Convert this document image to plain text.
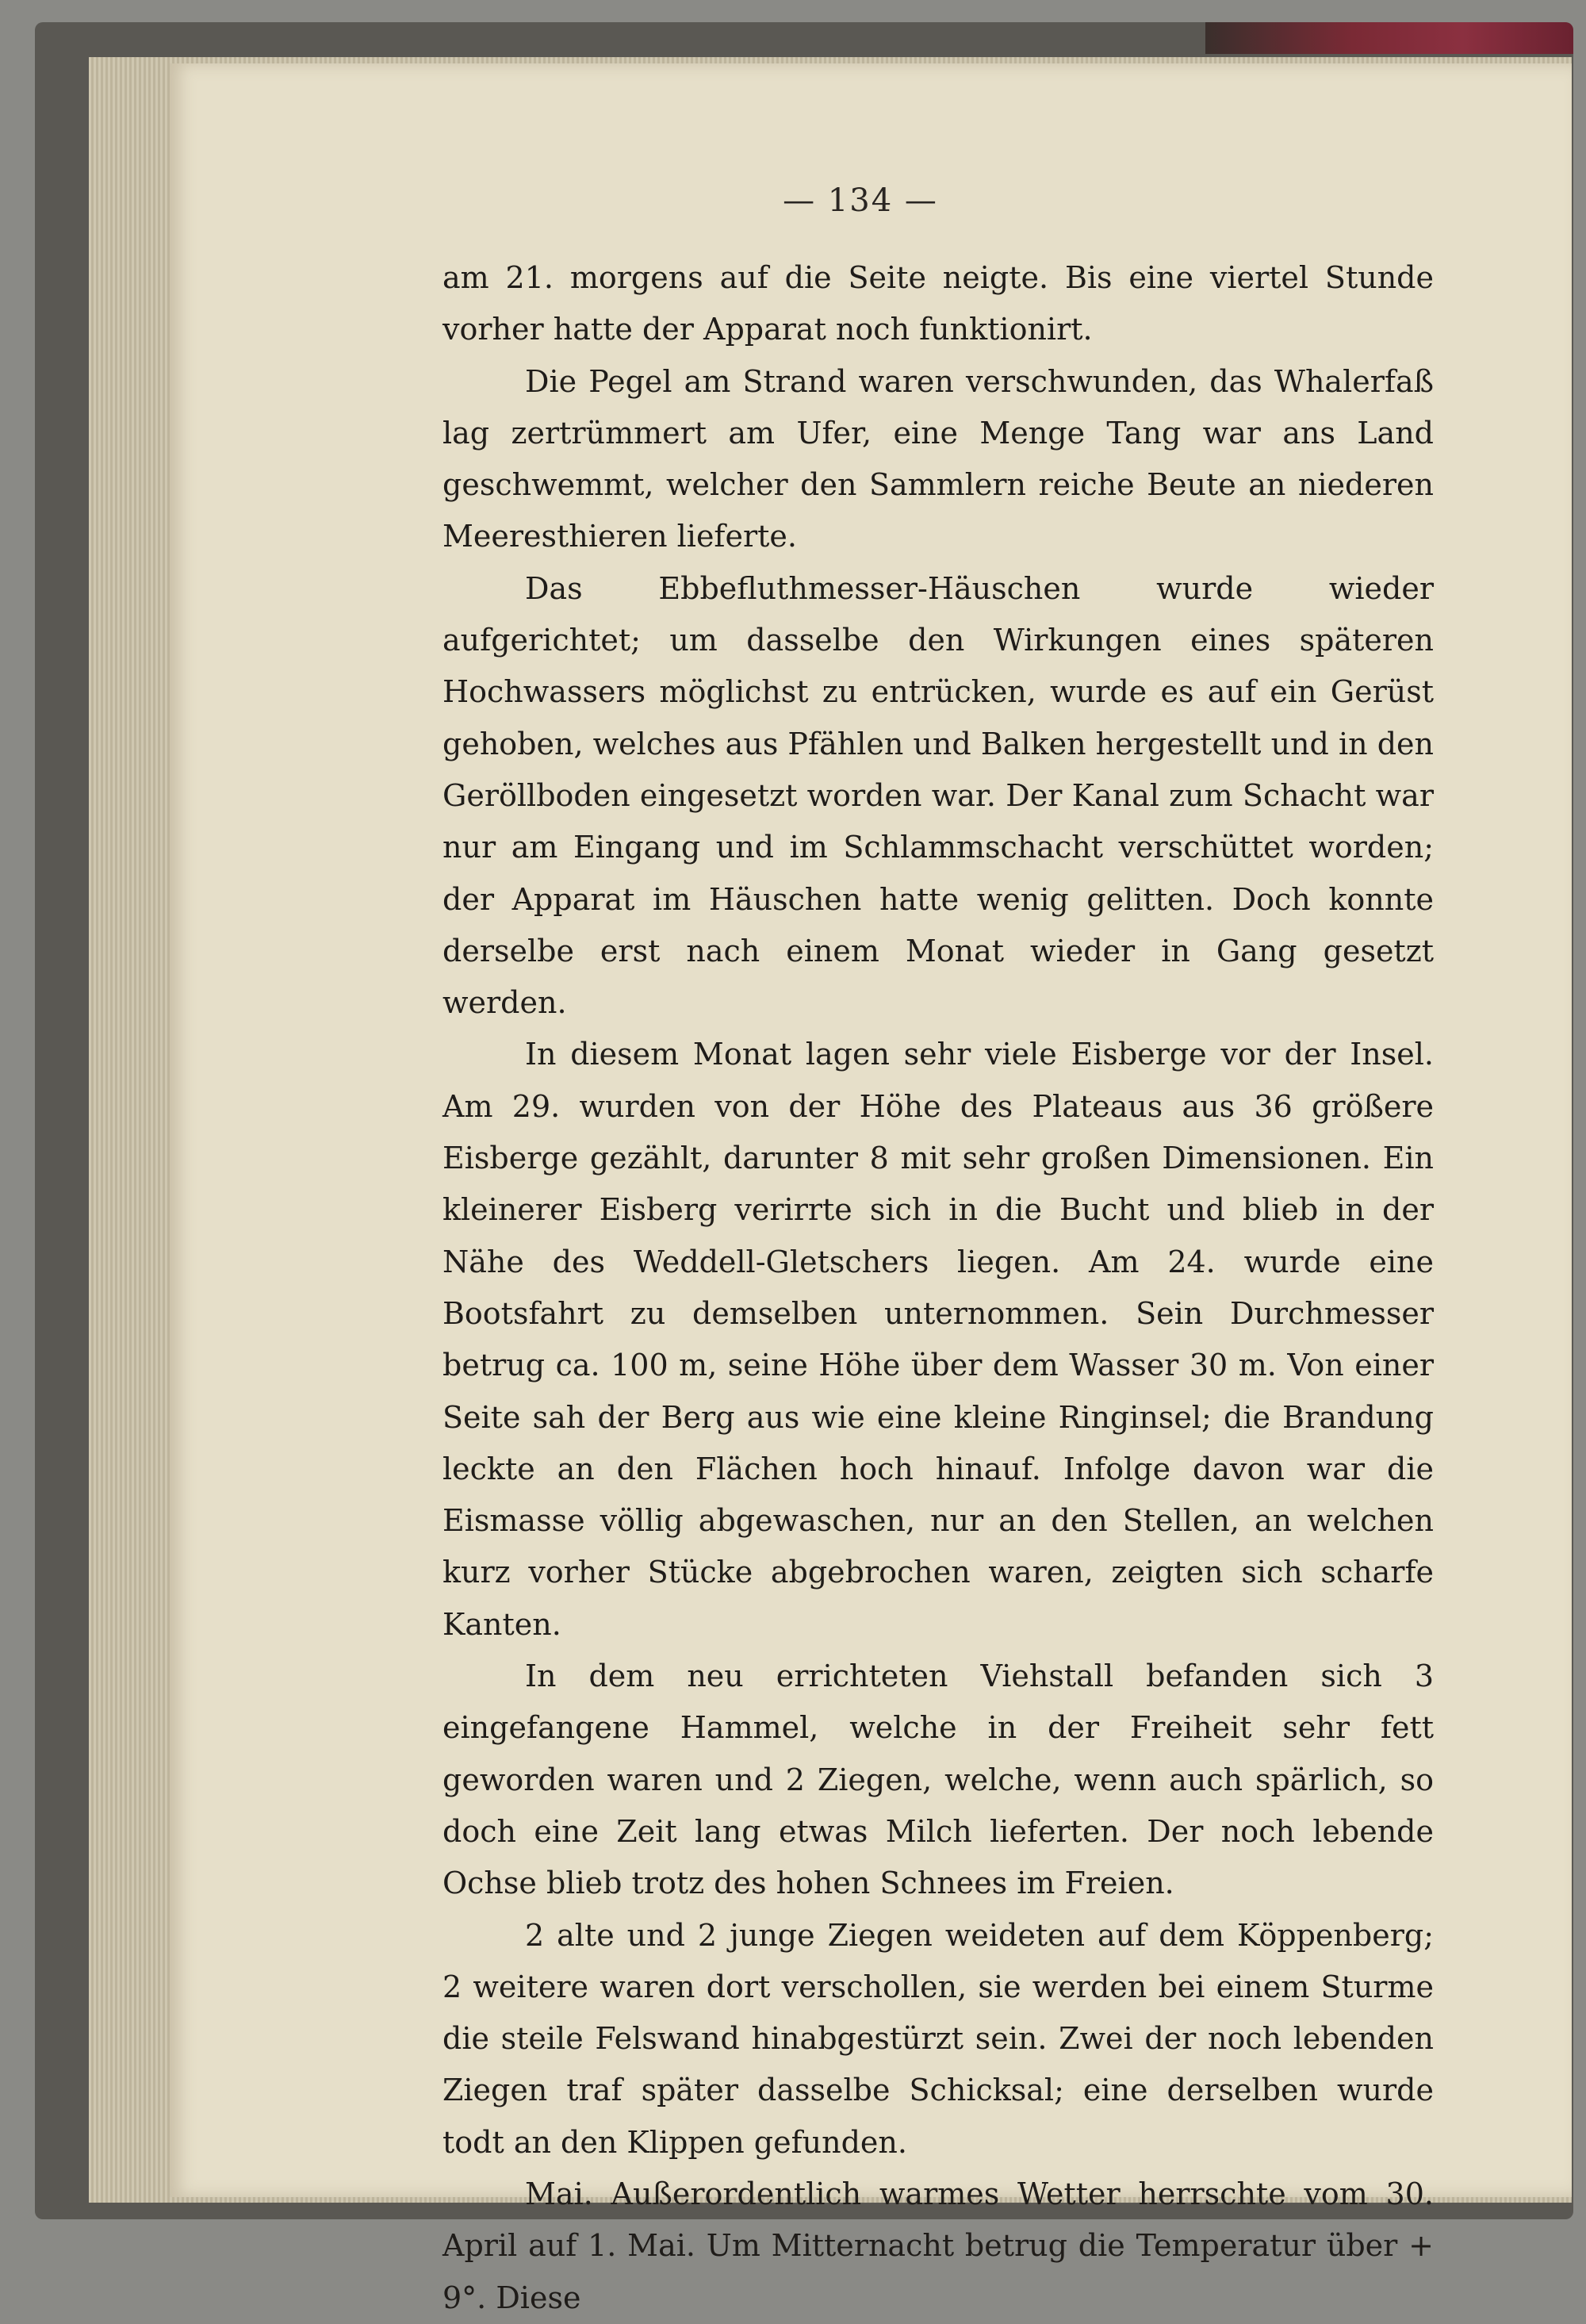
— 134 —

am 21. morgens auf die Seite neigte. Bis eine viertel Stunde vorher hatte der Apparat noch funktionirt.

Die Pegel am Strand waren verschwunden, das Whalerfaß lag zertrümmert am Ufer, eine Menge Tang war ans Land geschwemmt, welcher den Sammlern reiche Beute an niederen Meeresthieren lieferte.

Das Ebbefluthmesser-Häuschen wurde wieder aufgerichtet; um dasselbe den Wirkungen eines späteren Hochwassers möglichst zu entrücken, wurde es auf ein Gerüst gehoben, welches aus Pfählen und Balken hergestellt und in den Geröllboden eingesetzt worden war. Der Kanal zum Schacht war nur am Eingang und im Schlammschacht verschüttet worden; der Apparat im Häuschen hatte wenig gelitten. Doch konnte derselbe erst nach einem Monat wieder in Gang gesetzt werden.

In diesem Monat lagen sehr viele Eisberge vor der Insel. Am 29. wurden von der Höhe des Plateaus aus 36 größere Eisberge gezählt, darunter 8 mit sehr großen Dimensionen. Ein kleinerer Eisberg verirrte sich in die Bucht und blieb in der Nähe des Weddell-Gletschers liegen. Am 24. wurde eine Bootsfahrt zu demselben unternommen. Sein Durchmesser betrug ca. 100 m, seine Höhe über dem Wasser 30 m. Von einer Seite sah der Berg aus wie eine kleine Ringinsel; die Brandung leckte an den Flächen hoch hinauf. Infolge davon war die Eismasse völlig abgewaschen, nur an den Stellen, an welchen kurz vorher Stücke abgebrochen waren, zeigten sich scharfe Kanten.

In dem neu errichteten Viehstall befanden sich 3 eingefangene Hammel, welche in der Freiheit sehr fett geworden waren und 2 Ziegen, welche, wenn auch spärlich, so doch eine Zeit lang etwas Milch lieferten. Der noch lebende Ochse blieb trotz des hohen Schnees im Freien.

2 alte und 2 junge Ziegen weideten auf dem Köppenberg; 2 weitere waren dort verschollen, sie werden bei einem Sturme die steile Felswand hinabgestürzt sein. Zwei der noch lebenden Ziegen traf später dasselbe Schicksal; eine derselben wurde todt an den Klippen gefunden.

Mai. Außerordentlich warmes Wetter herrschte vom 30. April auf 1. Mai. Um Mitternacht betrug die Temperatur über + 9°. Diese
